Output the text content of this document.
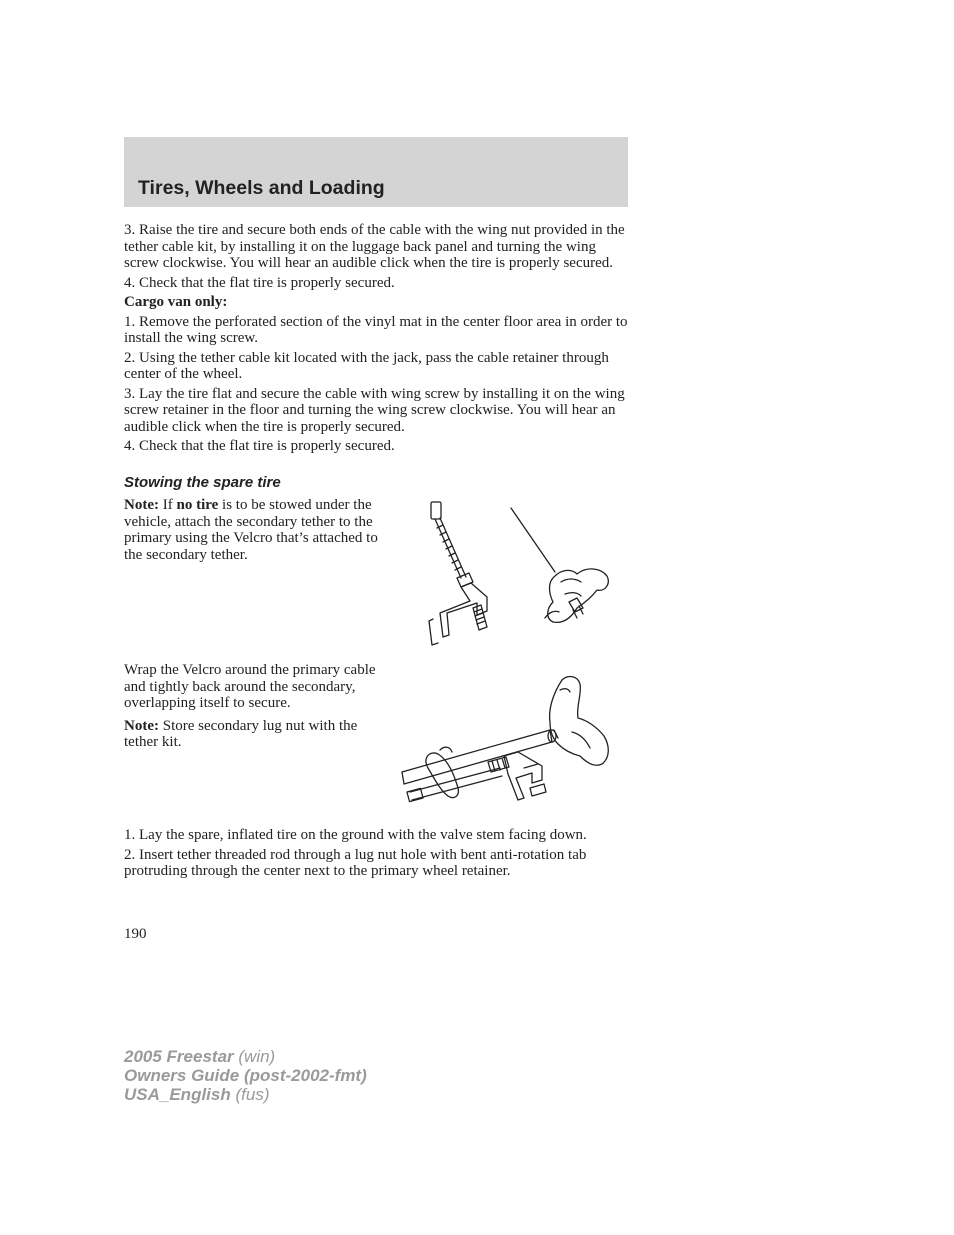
Tires, Wheels and Loading

3. Raise the tire and secure both ends of the cable with the wing nut provided in the tether cable kit, by installing it on the luggage back panel and turning the wing screw clockwise. You will hear an audible click when the tire is properly secured.

4. Check that the flat tire is properly secured.

Cargo van only:

1. Remove the perforated section of the vinyl mat in the center floor area in order to install the wing screw.

2. Using the tether cable kit located with the jack, pass the cable retainer through center of the wheel.

3. Lay the tire flat and secure the cable with wing screw by installing it on the wing screw retainer in the floor and turning the wing screw clockwise. You will hear an audible click when the tire is properly secured.

4. Check that the flat tire is properly secured.

Stowing the spare tire

Note: If no tire is to be stowed under the vehicle, attach the secondary tether to the primary using the Velcro that’s attached to the secondary tether.

Wrap the Velcro around the primary cable and tightly back around the secondary, overlapping itself to secure.

Note: Store secondary lug nut with the tether kit.

1. Lay the spare, inflated tire on the ground with the valve stem facing down.

2. Insert tether threaded rod through a lug nut hole with bent anti-rotation tab protruding through the center next to the primary wheel retainer.

190
2005 Freestar (win)
Owners Guide (post-2002-fmt)
USA_English (fus)
